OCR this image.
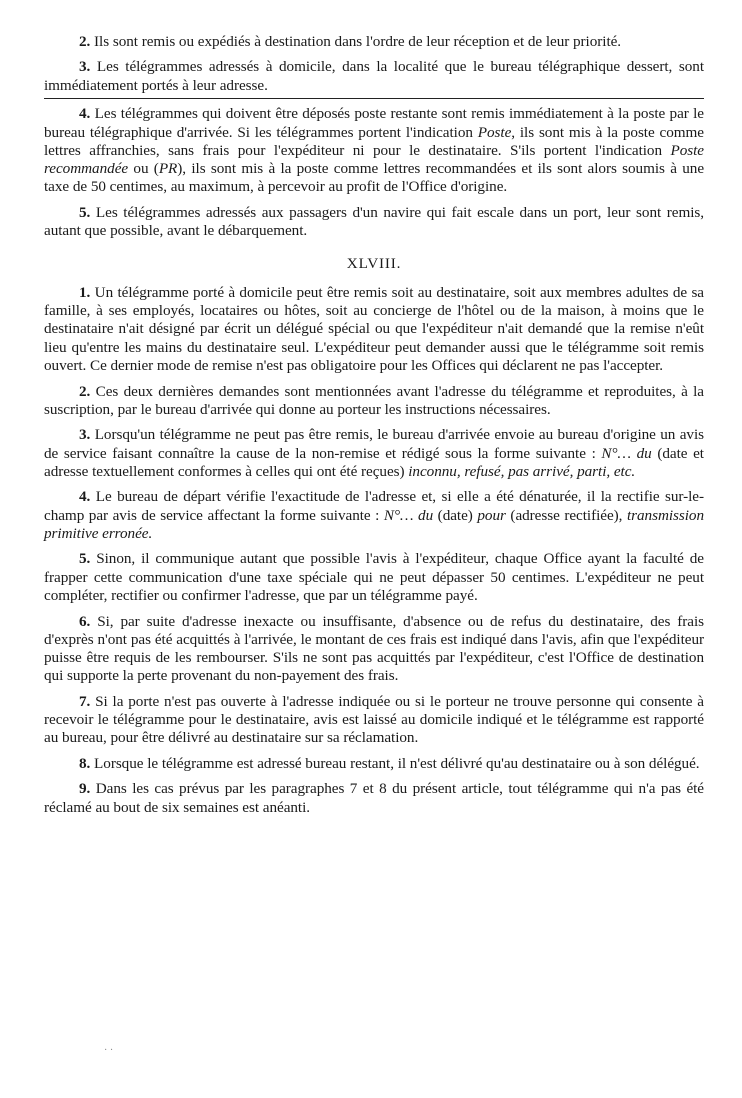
2. Ils sont remis ou expédiés à destination dans l'ordre de leur réception et de leur priorité.
3. Les télégrammes adressés à domicile, dans la localité que le bureau télégraphique dessert, sont immédiatement portés à leur adresse.
4. Les télégrammes qui doivent être déposés poste restante sont remis immédiatement à la poste par le bureau télégraphique d'arrivée. Si les télégrammes portent l'indication Poste, ils sont mis à la poste comme lettres affranchies, sans frais pour l'expéditeur ni pour le destinataire. S'ils portent l'indication Poste recommandée ou (PR), ils sont mis à la poste comme lettres recommandées et ils sont alors soumis à une taxe de 50 centimes, au maximum, à percevoir au profit de l'Office d'origine.
5. Les télégrammes adressés aux passagers d'un navire qui fait escale dans un port, leur sont remis, autant que possible, avant le débarquement.
XLVIII.
1. Un télégramme porté à domicile peut être remis soit au destinataire, soit aux membres adultes de sa famille, à ses employés, locataires ou hôtes, soit au concierge de l'hôtel ou de la maison, à moins que le destinataire n'ait désigné par écrit un délégué spécial ou que l'expéditeur n'ait demandé que la remise n'eût lieu qu'entre les mains du destinataire seul. L'expéditeur peut demander aussi que le télégramme soit remis ouvert. Ce dernier mode de remise n'est pas obligatoire pour les Offices qui déclarent ne pas l'accepter.
2. Ces deux dernières demandes sont mentionnées avant l'adresse du télégramme et reproduites, à la suscription, par le bureau d'arrivée qui donne au porteur les instructions nécessaires.
3. Lorsqu'un télégramme ne peut pas être remis, le bureau d'arrivée envoie au bureau d'origine un avis de service faisant connaître la cause de la non-remise et rédigé sous la forme suivante : N°… du (date et adresse textuellement conformes à celles qui ont été reçues) inconnu, refusé, pas arrivé, parti, etc.
4. Le bureau de départ vérifie l'exactitude de l'adresse et, si elle a été dénaturée, il la rectifie sur-le-champ par avis de service affectant la forme suivante : N°… du (date) pour (adresse rectifiée), transmission primitive erronée.
5. Sinon, il communique autant que possible l'avis à l'expéditeur, chaque Office ayant la faculté de frapper cette communication d'une taxe spéciale qui ne peut dépasser 50 centimes. L'expéditeur ne peut compléter, rectifier ou confirmer l'adresse, que par un télégramme payé.
6. Si, par suite d'adresse inexacte ou insuffisante, d'absence ou de refus du destinataire, des frais d'exprès n'ont pas été acquittés à l'arrivée, le montant de ces frais est indiqué dans l'avis, afin que l'expéditeur puisse être requis de les rembourser. S'ils ne sont pas acquittés par l'expéditeur, c'est l'Office de destination qui supporte la perte provenant du non-payement des frais.
7. Si la porte n'est pas ouverte à l'adresse indiquée ou si le porteur ne trouve personne qui consente à recevoir le télégramme pour le destinataire, avis est laissé au domicile indiqué et le télégramme est rapporté au bureau, pour être délivré au destinataire sur sa réclamation.
8. Lorsque le télégramme est adressé bureau restant, il n'est délivré qu'au destinataire ou à son délégué.
9. Dans les cas prévus par les paragraphes 7 et 8 du présent article, tout télégramme qui n'a pas été réclamé au bout de six semaines est anéanti.
· ·
